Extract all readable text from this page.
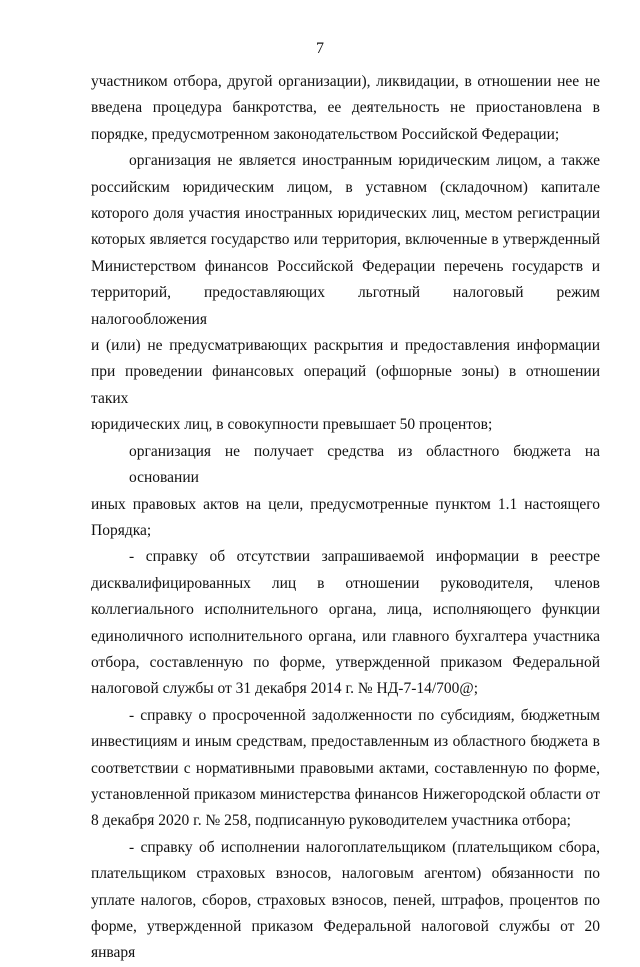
7
участником отбора, другой организации), ликвидации, в отношении нее не
введена процедура банкротства, ее деятельность не приостановлена в
порядке, предусмотренном законодательством Российской Федерации;
организация не является иностранным юридическим лицом, а также
российским юридическим лицом, в уставном (складочном) капитале
которого доля участия иностранных юридических лиц, местом регистрации
которых является государство или территория, включенные в утвержденный
Министерством финансов Российской Федерации перечень государств и
территорий, предоставляющих льготный налоговый режим налогообложения
и (или) не предусматривающих раскрытия и предоставления информации
при проведении финансовых операций (офшорные зоны) в отношении таких
юридических лиц, в совокупности превышает 50 процентов;
организация не получает средства из областного бюджета на основании
иных правовых актов на цели, предусмотренные пунктом 1.1 настоящего
Порядка;
- справку об отсутствии запрашиваемой информации в реестре
дисквалифицированных лиц в отношении руководителя, членов
коллегиального исполнительного органа, лица, исполняющего функции
единоличного исполнительного органа, или главного бухгалтера участника
отбора, составленную по форме, утвержденной приказом Федеральной
налоговой службы от 31 декабря 2014 г. № НД-7-14/700@;
- справку о просроченной задолженности по субсидиям, бюджетным
инвестициям и иным средствам, предоставленным из областного бюджета в
соответствии с нормативными правовыми актами, составленную по форме,
установленной приказом министерства финансов Нижегородской области от
8 декабря 2020 г. № 258, подписанную руководителем участника отбора;
- справку об исполнении налогоплательщиком (плательщиком сбора,
плательщиком страховых взносов, налоговым агентом) обязанности по
уплате налогов, сборов, страховых взносов, пеней, штрафов, процентов по
форме, утвержденной приказом Федеральной налоговой службы от 20 января
